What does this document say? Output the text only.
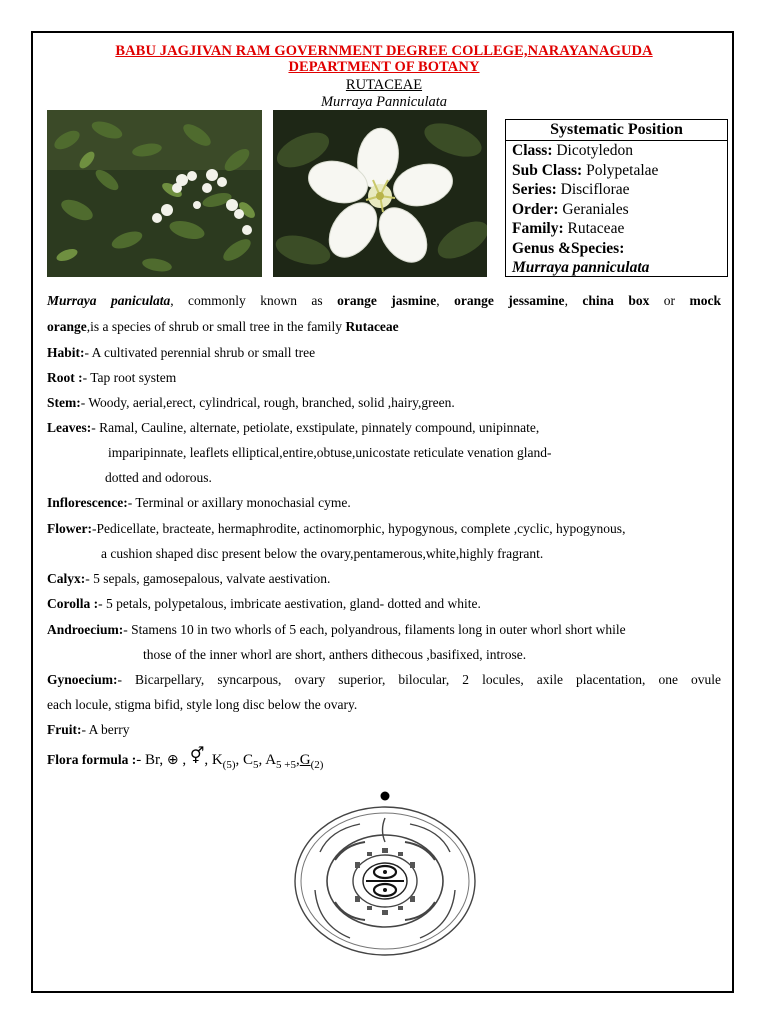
BABU JAGJIVAN RAM GOVERNMENT DEGREE COLLEGE,NARAYANAGUDA
DEPARTMENT OF BOTANY
RUTACEAE
Murraya Panniculata
Systematic Position
Class: Dicotyledon
Sub Class: Polypetalae
Series: Disciflorae
Order: Geraniales
Family: Rutaceae
Genus &Species:
Murraya panniculata
Murraya paniculata, commonly known as orange jasmine, orange jessamine, china box or mock
orange,is a species of shrub or small tree in the family Rutaceae
Habit:- A cultivated perennial shrub or small tree
Root :- Tap root system
Stem:- Woody, aerial,erect, cylindrical, rough, branched, solid ,hairy,green.
Leaves:- Ramal, Cauline, alternate, petiolate, exstipulate, pinnately compound, unipinnate,
imparipinnate, leaflets elliptical,entire,obtuse,unicostate reticulate venation gland-
dotted and odorous.
Inflorescence:- Terminal or axillary monochasial cyme.
Flower:-Pedicellate, bracteate, hermaphrodite, actinomorphic, hypogynous, complete ,cyclic, hypogynous,
a cushion shaped disc present below the ovary,pentamerous,white,highly fragrant.
Calyx:- 5 sepals, gamosepalous, valvate aestivation.
Corolla :- 5 petals, polypetalous, imbricate aestivation, gland- dotted and white.
Androecium:- Stamens 10 in two whorls of 5 each, polyandrous, filaments long in outer whorl short while
those of the inner whorl are short, anthers dithecous ,basifixed, introse.
Gynoecium:- Bicarpellary, syncarpous, ovary superior, bilocular, 2 locules, axile placentation, one ovule
each locule, stigma bifid, style long disc below the ovary.
Fruit:- A berry
Flora formula :- Br, ⊕ , ⚥, $K_{(5)}$, $C_5$, $A_{5 +5},G_{(2)}$
